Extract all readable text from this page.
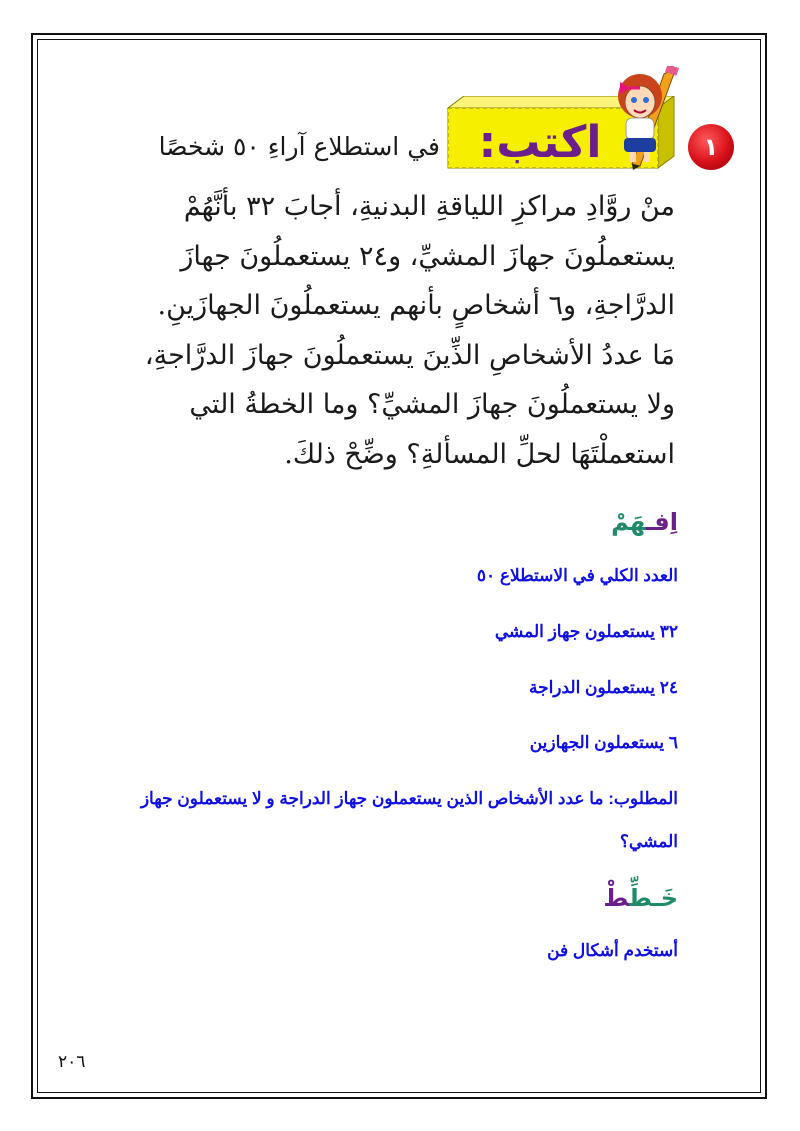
١
اكتب:
في استطلاع آراءِ ٥٠ شخصًا
منْ روَّادِ مراكزِ اللياقةِ البدنيةِ، أجابَ ٣٢ بأنَّهُمْ
يستعملُونَ جهازَ المشيِّ، و٢٤ يستعملُونَ جهازَ
الدرَّاجةِ، و٦ أشخاصٍ بأنهم يستعملُونَ الجهازَينِ.
مَا عددُ الأشخاصِ الذِّينَ يستعملُونَ جهازَ الدرَّاجةِ،
ولا يستعملُونَ جهازَ المشيِّ؟ وما الخطةُ التي
استعملْتَهَا لحلِّ المسألةِ؟ وضِّحْ ذلكَ.
اِفـهَمْ
العدد الكلي في الاستطلاع ٥٠
٣٢ يستعملون جهاز المشي
٢٤ يستعملون الدراجة
٦ يستعملون الجهازين
المطلوب: ما عدد الأشخاص الذين يستعملون جهاز الدراجة و لا يستعملون جهاز المشي؟
خَـطِّطْ
أستخدم أشكال فن
٢٠٦
